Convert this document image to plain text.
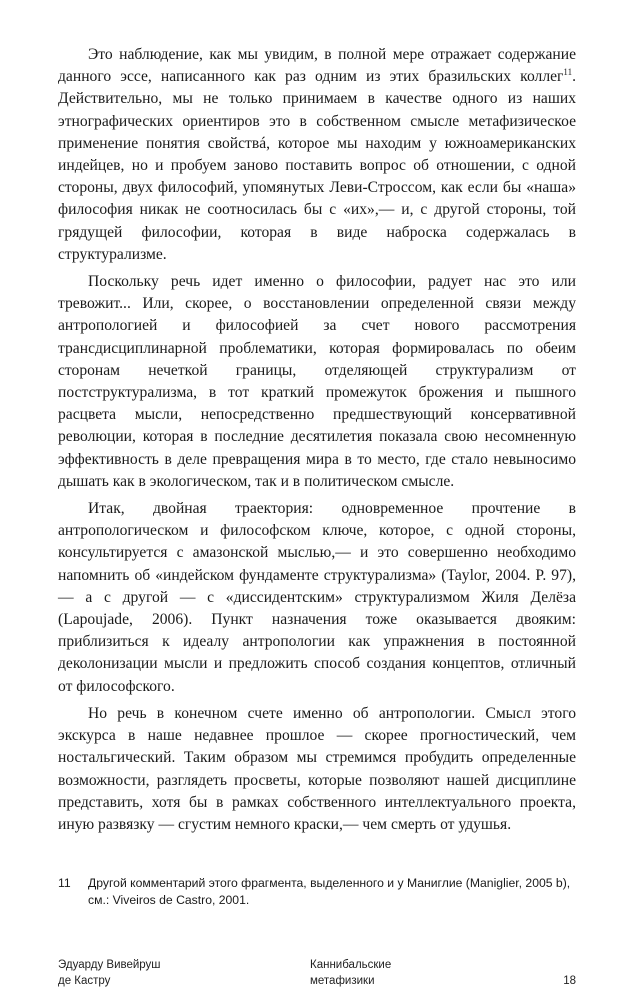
Это наблюдение, как мы увидим, в полной мере отражает содержание данного эссе, написанного как раз одним из этих бразильских коллег$^{11}$. Действительно, мы не только принимаем в качестве одного из наших этнографических ориентиров это в собственном смысле метафизическое применение понятия свойствá, которое мы находим у южноамериканских индейцев, но и пробуем заново поставить вопрос об отношении, с одной стороны, двух философий, упомянутых Леви-Строссом, как если бы «наша» философия никак не соотносилась бы с «их»,— и, с другой стороны, той грядущей философии, которая в виде наброска содержалась в структурализме.

Поскольку речь идет именно о философии, радует нас это или тревожит... Или, скорее, о восстановлении определенной связи между антропологией и философией за счет нового рассмотрения трансдисциплинарной проблематики, которая формировалась по обеим сторонам нечеткой границы, отделяющей структурализм от постструктурализма, в тот краткий промежуток брожения и пышного расцвета мысли, непосредственно предшествующий консервативной революции, которая в последние десятилетия показала свою несомненную эффективность в деле превращения мира в то место, где стало невыносимо дышать как в экологическом, так и в политическом смысле.

Итак, двойная траектория: одновременное прочтение в антропологическом и философском ключе, которое, с одной стороны, консультируется с амазонской мыслью,— и это совершенно необходимо напомнить об «индейском фундаменте структурализма» (Taylor, 2004. P. 97),— а с другой — с «диссидентским» структурализмом Жиля Делёза (Lapoujade, 2006). Пункт назначения тоже оказывается двояким: приблизиться к идеалу антропологии как упражнения в постоянной деколонизации мысли и предложить способ создания концептов, отличный от философского.

Но речь в конечном счете именно об антропологии. Смысл этого экскурса в наше недавнее прошлое — скорее прогностический, чем ностальгический. Таким образом мы стремимся пробудить определенные возможности, разглядеть просветы, которые позволяют нашей дисциплине представить, хотя бы в рамках собственного интеллектуального проекта, иную развязку — сгустим немного краски,— чем смерть от удушья.

11	Другой комментарий этого фрагмента, выделенного и у Маниглие (Maniglier, 2005 b), см.: Viveiros de Castro, 2001.
Эдуарду Вивейруш
де Кастру
Каннибальские
метафизики	18
